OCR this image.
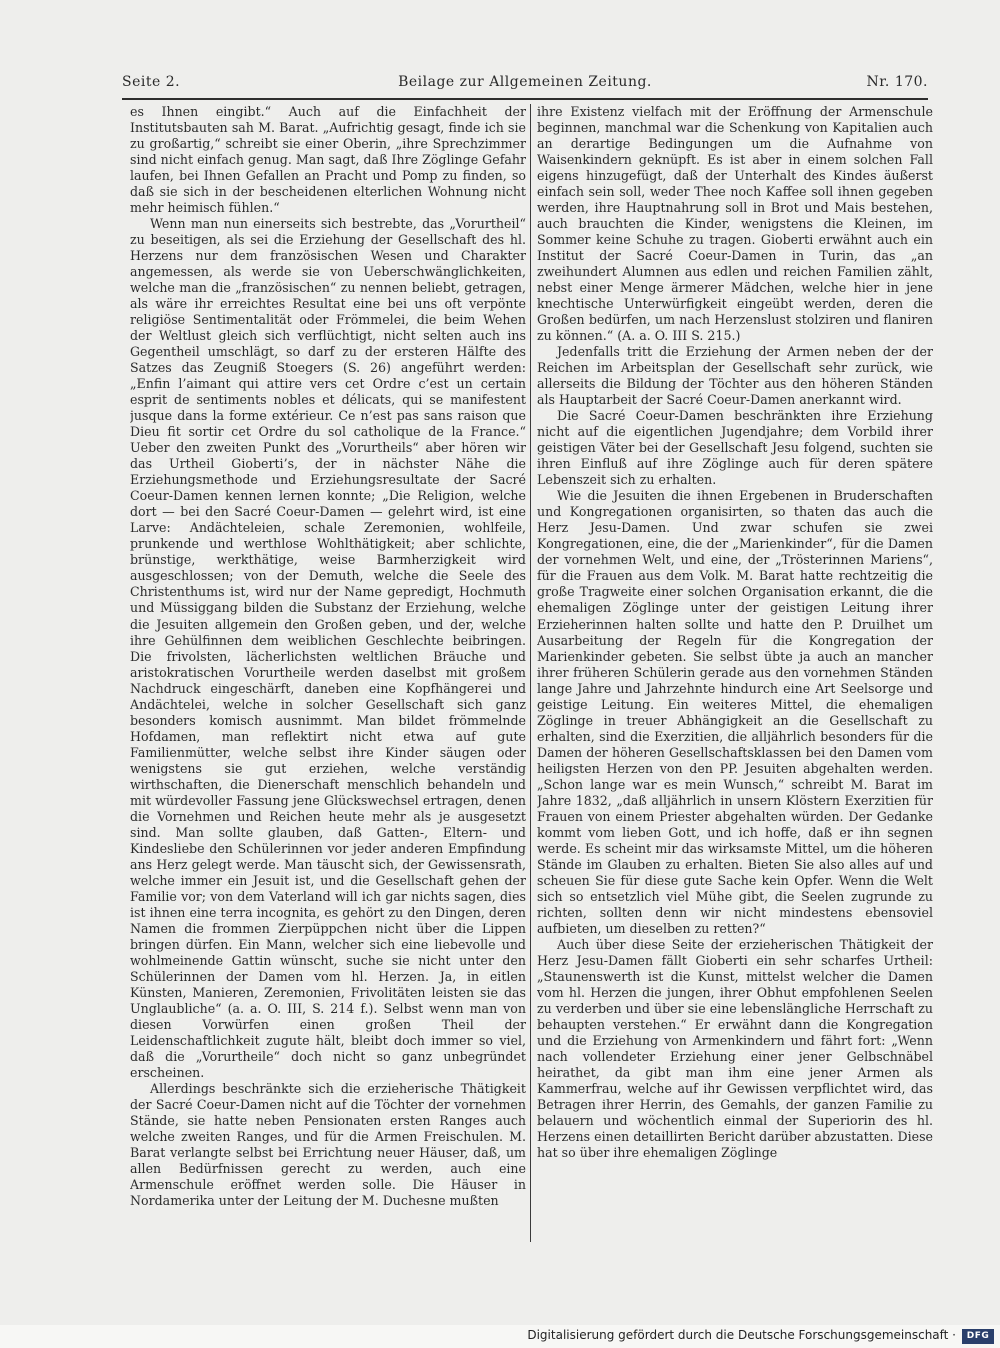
Seite 2.	Beilage zur Allgemeinen Zeitung.	Nr. 170.

es Ihnen eingibt.“ Auch auf die Einfachheit der Institutsbauten sah M. Barat. „Aufrichtig gesagt, finde ich sie zu großartig,“ schreibt sie einer Oberin, „ihre Sprechzimmer sind nicht einfach genug. Man sagt, daß Ihre Zöglinge Gefahr laufen, bei Ihnen Gefallen an Pracht und Pomp zu finden, so daß sie sich in der bescheidenen elterlichen Wohnung nicht mehr heimisch fühlen.“

Wenn man nun einerseits sich bestrebte, das „Vorurtheil“ zu beseitigen, als sei die Erziehung der Gesellschaft des hl. Herzens nur dem französischen Wesen und Charakter angemessen, als werde sie von Ueberschwänglichkeiten, welche man die „französischen“ zu nennen beliebt, getragen, als wäre ihr erreichtes Resultat eine bei uns oft verpönte religiöse Sentimentalität oder Frömmelei, die beim Wehen der Weltlust gleich sich verflüchtigt, nicht selten auch ins Gegentheil umschlägt, so darf zu der ersteren Hälfte des Satzes das Zeugniß Stoegers (S. 26) angeführt werden: „Enfin l’aimant qui attire vers cet Ordre c’est un certain esprit de sentiments nobles et délicats, qui se manifestent jusque dans la forme extérieur. Ce n’est pas sans raison que Dieu fit sortir cet Ordre du sol catholique de la France.“ Ueber den zweiten Punkt des „Vorurtheils“ aber hören wir das Urtheil Gioberti’s, der in nächster Nähe die Erziehungsmethode und Erziehungsresultate der Sacré Coeur-Damen kennen lernen konnte; „Die Religion, welche dort — bei den Sacré Coeur-Damen — gelehrt wird, ist eine Larve: Andächteleien, schale Zeremonien, wohlfeile, prunkende und werthlose Wohlthätigkeit; aber schlichte, brünstige, werkthätige, weise Barmherzigkeit wird ausgeschlossen; von der Demuth, welche die Seele des Christenthums ist, wird nur der Name gepredigt, Hochmuth und Müssiggang bilden die Substanz der Erziehung, welche die Jesuiten allgemein den Großen geben, und der, welche ihre Gehülfinnen dem weiblichen Geschlechte beibringen. Die frivolsten, lächerlichsten weltlichen Bräuche und aristokratischen Vorurtheile werden daselbst mit großem Nachdruck eingeschärft, daneben eine Kopfhängerei und Andächtelei, welche in solcher Gesellschaft sich ganz besonders komisch ausnimmt. Man bildet frömmelnde Hofdamen, man reflektirt nicht etwa auf gute Familienmütter, welche selbst ihre Kinder säugen oder wenigstens sie gut erziehen, welche verständig wirthschaften, die Dienerschaft menschlich behandeln und mit würdevoller Fassung jene Glückswechsel ertragen, denen die Vornehmen und Reichen heute mehr als je ausgesetzt sind. Man sollte glauben, daß Gatten-, Eltern- und Kindesliebe den Schülerinnen vor jeder anderen Empfindung ans Herz gelegt werde. Man täuscht sich, der Gewissensrath, welche immer ein Jesuit ist, und die Gesellschaft gehen der Familie vor; von dem Vaterland will ich gar nichts sagen, dies ist ihnen eine terra incognita, es gehört zu den Dingen, deren Namen die frommen Zierpüppchen nicht über die Lippen bringen dürfen. Ein Mann, welcher sich eine liebevolle und wohlmeinende Gattin wünscht, suche sie nicht unter den Schülerinnen der Damen vom hl. Herzen. Ja, in eitlen Künsten, Manieren, Zeremonien, Frivolitäten leisten sie das Unglaubliche“ (a. a. O. III, S. 214 f.). Selbst wenn man von diesen Vorwürfen einen großen Theil der Leidenschaftlichkeit zugute hält, bleibt doch immer so viel, daß die „Vorurtheile“ doch nicht so ganz unbegründet erscheinen.

Allerdings beschränkte sich die erzieherische Thätigkeit der Sacré Coeur-Damen nicht auf die Töchter der vornehmen Stände, sie hatte neben Pensionaten ersten Ranges auch welche zweiten Ranges, und für die Armen Freischulen. M. Barat verlangte selbst bei Errichtung neuer Häuser, daß, um allen Bedürfnissen gerecht zu werden, auch eine Armenschule eröffnet werden solle. Die Häuser in Nordamerika unter der Leitung der M. Duchesne mußten

ihre Existenz vielfach mit der Eröffnung der Armenschule beginnen, manchmal war die Schenkung von Kapitalien auch an derartige Bedingungen um die Aufnahme von Waisenkindern geknüpft. Es ist aber in einem solchen Fall eigens hinzugefügt, daß der Unterhalt des Kindes äußerst einfach sein soll, weder Thee noch Kaffee soll ihnen gegeben werden, ihre Hauptnahrung soll in Brot und Mais bestehen, auch brauchten die Kinder, wenigstens die Kleinen, im Sommer keine Schuhe zu tragen. Gioberti erwähnt auch ein Institut der Sacré Coeur-Damen in Turin, das „an zweihundert Alumnen aus edlen und reichen Familien zählt, nebst einer Menge ärmerer Mädchen, welche hier in jene knechtische Unterwürfigkeit eingeübt werden, deren die Großen bedürfen, um nach Herzenslust stolziren und flaniren zu können.“ (A. a. O. III S. 215.)

Jedenfalls tritt die Erziehung der Armen neben der der Reichen im Arbeitsplan der Gesellschaft sehr zurück, wie allerseits die Bildung der Töchter aus den höheren Ständen als Hauptarbeit der Sacré Coeur-Damen anerkannt wird.

Die Sacré Coeur-Damen beschränkten ihre Erziehung nicht auf die eigentlichen Jugendjahre; dem Vorbild ihrer geistigen Väter bei der Gesellschaft Jesu folgend, suchten sie ihren Einfluß auf ihre Zöglinge auch für deren spätere Lebenszeit sich zu erhalten.

Wie die Jesuiten die ihnen Ergebenen in Bruderschaften und Kongregationen organisirten, so thaten das auch die Herz Jesu-Damen. Und zwar schufen sie zwei Kongregationen, eine, die der „Marienkinder“, für die Damen der vornehmen Welt, und eine, der „Trösterinnen Mariens“, für die Frauen aus dem Volk. M. Barat hatte rechtzeitig die große Tragweite einer solchen Organisation erkannt, die die ehemaligen Zöglinge unter der geistigen Leitung ihrer Erzieherinnen halten sollte und hatte den P. Druilhet um Ausarbeitung der Regeln für die Kongregation der Marienkinder gebeten. Sie selbst übte ja auch an mancher ihrer früheren Schülerin gerade aus den vornehmen Ständen lange Jahre und Jahrzehnte hindurch eine Art Seelsorge und geistige Leitung. Ein weiteres Mittel, die ehemaligen Zöglinge in treuer Abhängigkeit an die Gesellschaft zu erhalten, sind die Exerzitien, die alljährlich besonders für die Damen der höheren Gesellschaftsklassen bei den Damen vom heiligsten Herzen von den PP. Jesuiten abgehalten werden. „Schon lange war es mein Wunsch,“ schreibt M. Barat im Jahre 1832, „daß alljährlich in unsern Klöstern Exerzitien für Frauen von einem Priester abgehalten würden. Der Gedanke kommt vom lieben Gott, und ich hoffe, daß er ihn segnen werde. Es scheint mir das wirksamste Mittel, um die höheren Stände im Glauben zu erhalten. Bieten Sie also alles auf und scheuen Sie für diese gute Sache kein Opfer. Wenn die Welt sich so entsetzlich viel Mühe gibt, die Seelen zugrunde zu richten, sollten denn wir nicht mindestens ebensoviel aufbieten, um dieselben zu retten?“

Auch über diese Seite der erzieherischen Thätigkeit der Herz Jesu-Damen fällt Gioberti ein sehr scharfes Urtheil: „Staunenswerth ist die Kunst, mittelst welcher die Damen vom hl. Herzen die jungen, ihrer Obhut empfohlenen Seelen zu verderben und über sie eine lebenslängliche Herrschaft zu behaupten verstehen.“ Er erwähnt dann die Kongregation und die Erziehung von Armenkindern und fährt fort: „Wenn nach vollendeter Erziehung einer jener Gelbschnäbel heirathet, da gibt man ihm eine jener Armen als Kammerfrau, welche auf ihr Gewissen verpflichtet wird, das Betragen ihrer Herrin, des Gemahls, der ganzen Familie zu belauern und wöchentlich einmal der Superiorin des hl. Herzens einen detaillirten Bericht darüber abzustatten. Diese hat so über ihre ehemaligen Zöglinge

Digitalisierung gefördert durch die Deutsche Forschungsgemeinschaft ·	DFG
